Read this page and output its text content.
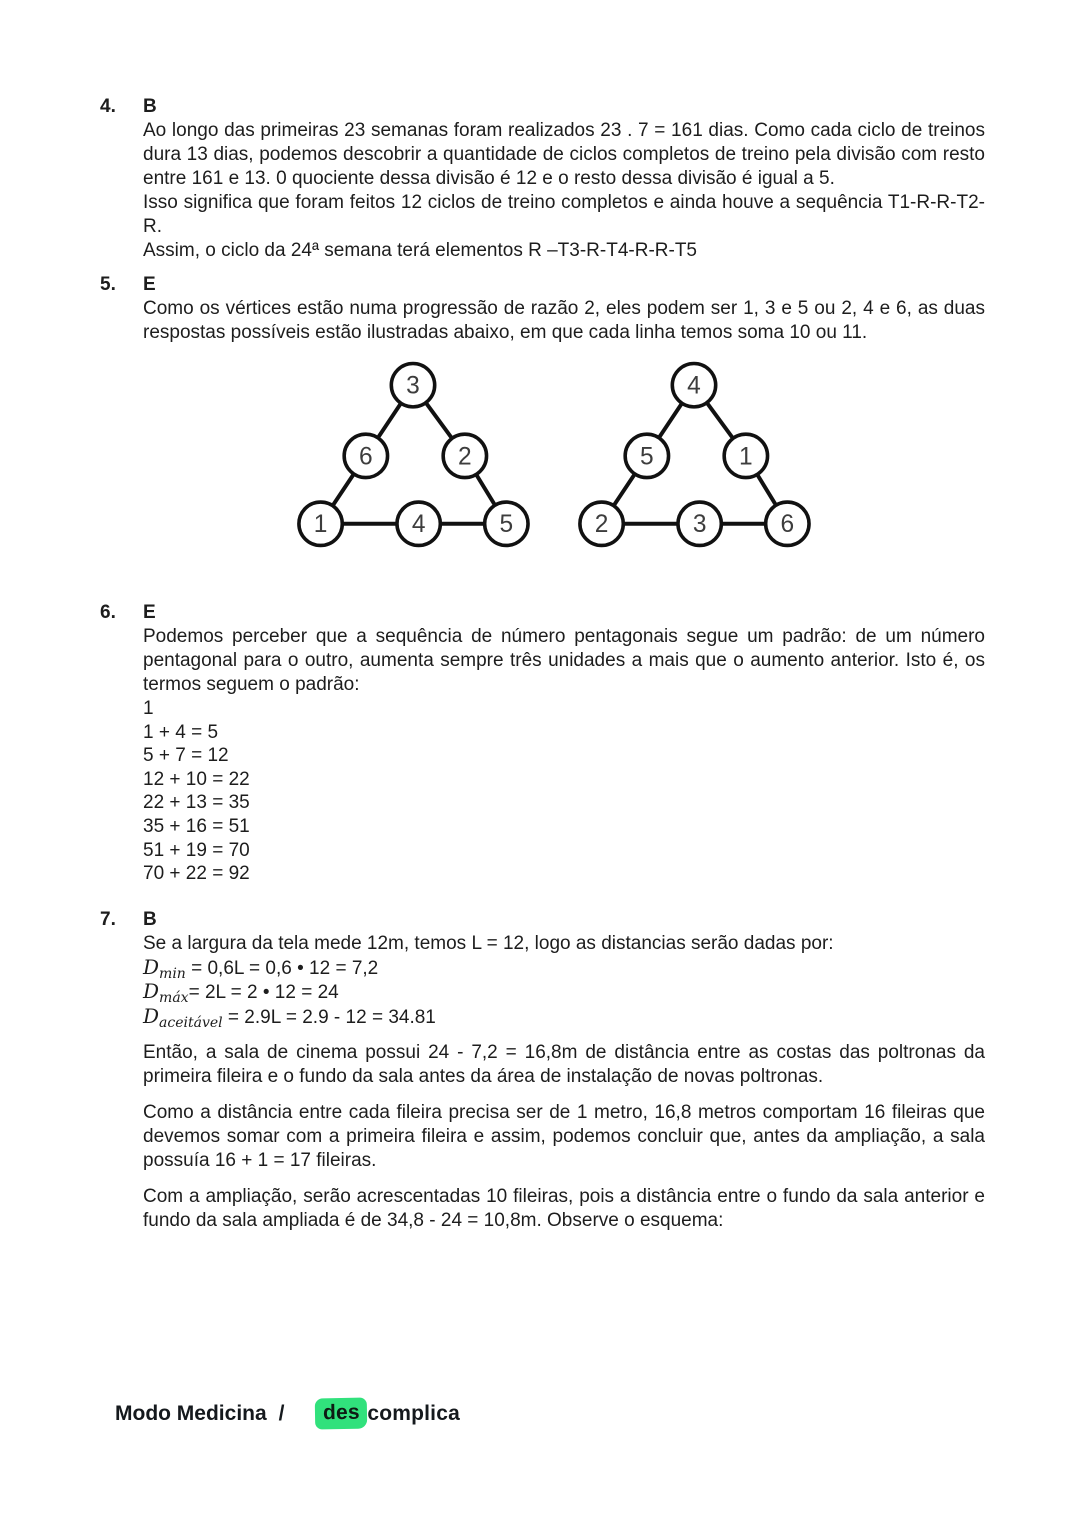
4.	B

Ao longo das primeiras 23 semanas foram realizados 23 . 7 = 161 dias. Como cada ciclo de treinos dura 13 dias, podemos descobrir a quantidade de ciclos completos de treino pela divisão com resto entre 161 e 13. 0 quociente dessa divisão é 12 e o resto dessa divisão é igual a 5.

Isso significa que foram feitos 12 ciclos de treino completos e ainda houve a sequência T1-R-R-T2-R.

Assim, o ciclo da 24ª semana terá elementos R –T3-R-T4-R-R-T5

5.	E

Como os vértices estão numa progressão de razão 2, eles podem ser 1, 3 e 5 ou 2, 4 e 6, as duas respostas possíveis estão ilustradas abaixo, em que cada linha temos soma 10 ou 11.

3
6	2
1	4	5
4
5	1
2	3	6
6.	E

Podemos perceber que a sequência de número pentagonais segue um padrão: de um número pentagonal para o outro, aumenta sempre três unidades a mais que o aumento anterior. Isto é, os termos seguem o padrão:

1
1 + 4 = 5
5 + 7 = 12
12 + 10 = 22
22 + 13 = 35
35 + 16 = 51
51 + 19 = 70
70 + 22 = 92
7.	B

Se a largura da tela mede 12m, temos L = 12, logo as distancias serão dadas por:

$D_{min} = 0,6L = 0,6$ • 12 = 7,2
$D_{máx}= 2L = 2$ • 12 = 24
$D_{aceitável} = 2.9L = 2.9 - 12 = 34.81$

Então, a sala de cinema possui 24 - 7,2 = 16,8m de distância entre as costas das poltronas da primeira fileira e o fundo da sala antes da área de instalação de novas poltronas.

Como a distância entre cada fileira precisa ser de 1 metro, 16,8 metros comportam 16 fileiras que devemos somar com a primeira fileira e assim, podemos concluir que, antes da ampliação, a sala possuía 16 + 1 = 17 fileiras.

Com a ampliação, serão acrescentadas 10 fileiras, pois a distância entre o fundo da sala anterior e fundo da sala ampliada é de 34,8 - 24 = 10,8m. Observe o esquema:

Modo Medicina /	des complica
